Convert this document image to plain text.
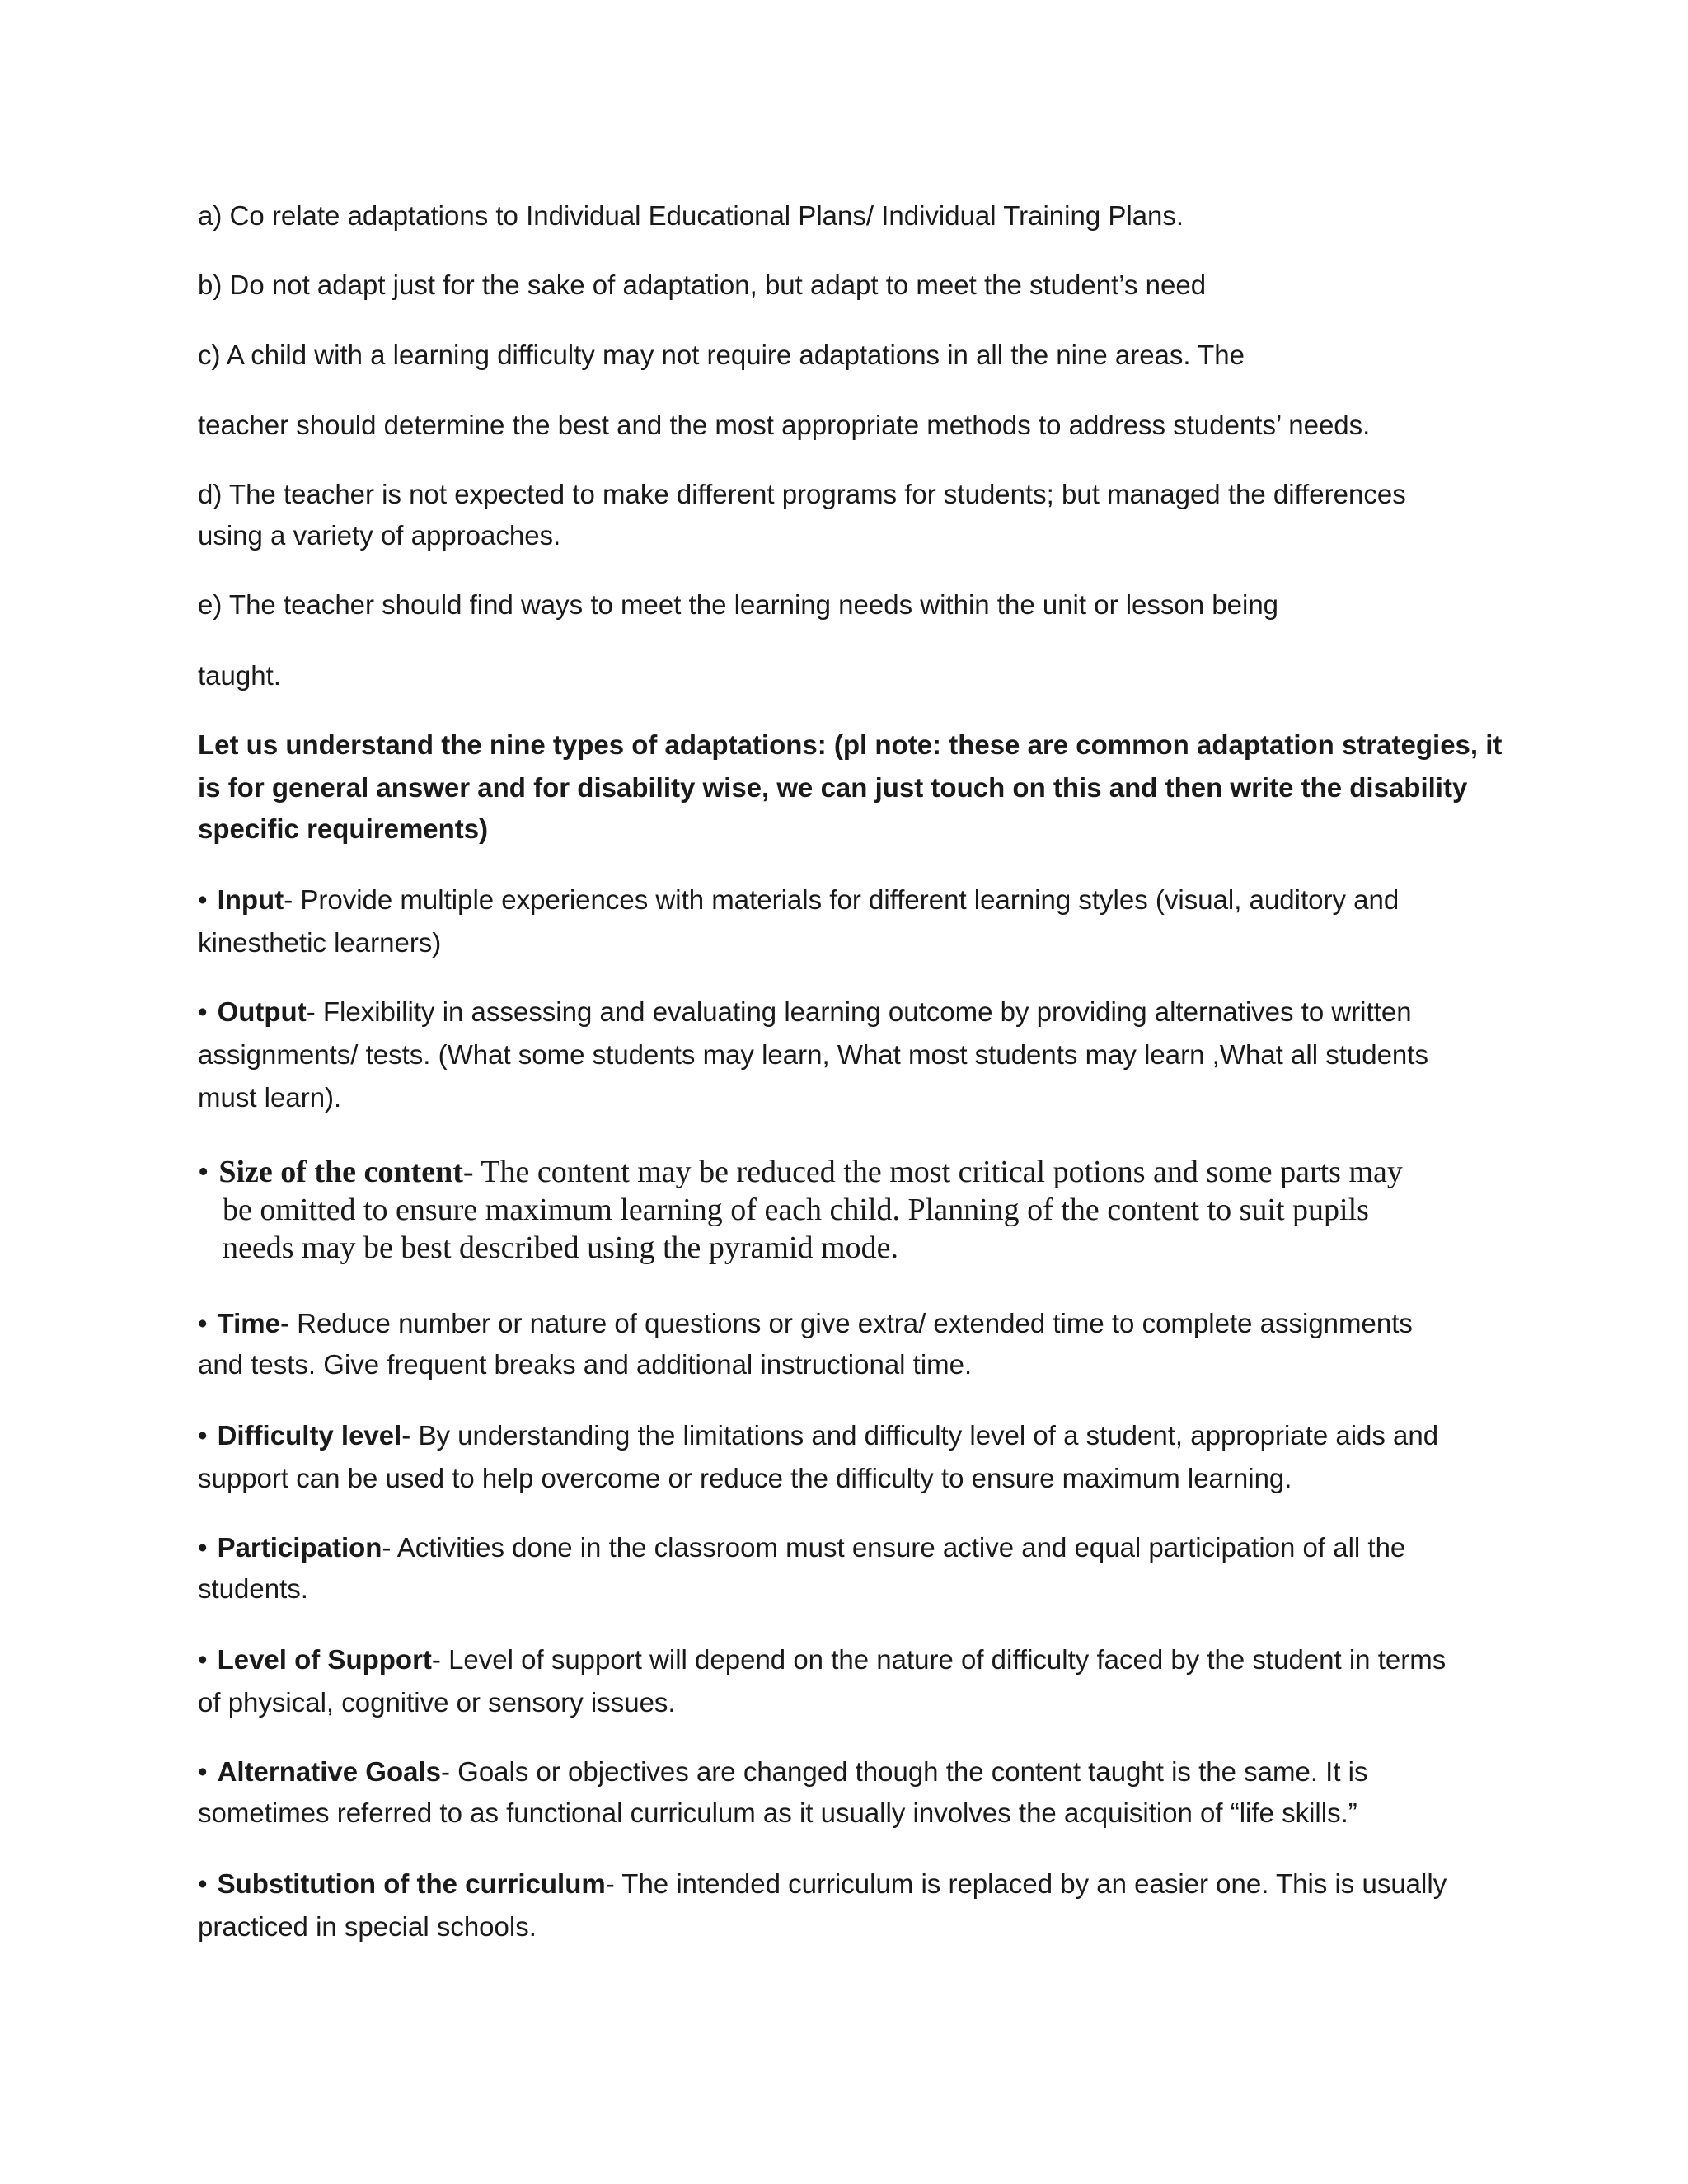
a) Co relate adaptations to Individual Educational Plans/ Individual Training Plans.
b) Do not adapt just for the sake of adaptation, but adapt to meet the student’s need
c) A child with a learning difficulty may not require adaptations in all the nine areas. The
teacher should determine the best and the most appropriate methods to address students’ needs.
d) The teacher is not expected to make different programs for students; but managed the differences
using a variety of approaches.
e) The teacher should find ways to meet the learning needs within the unit or lesson being
taught.
Let us understand the nine types of adaptations: (pl note: these are common adaptation strategies, it
is for general answer and for disability wise, we can just touch on this and then write the disability
specific requirements)
• Input- Provide multiple experiences with materials for different learning styles (visual, auditory and
kinesthetic learners)
• Output- Flexibility in assessing and evaluating learning outcome by providing alternatives to written
assignments/ tests. (What some students may learn, What most students may learn ,What all students
must learn).
• Size of the content- The content may be reduced the most critical potions and some parts may
be omitted to ensure maximum learning of each child. Planning of the content to suit pupils
needs may be best described using the pyramid mode.
• Time- Reduce number or nature of questions or give extra/ extended time to complete assignments
and tests. Give frequent breaks and additional instructional time.
• Difficulty level- By understanding the limitations and difficulty level of a student, appropriate aids and
support can be used to help overcome or reduce the difficulty to ensure maximum learning.
• Participation- Activities done in the classroom must ensure active and equal participation of all the
students.
• Level of Support- Level of support will depend on the nature of difficulty faced by the student in terms
of physical, cognitive or sensory issues.
• Alternative Goals- Goals or objectives are changed though the content taught is the same. It is
sometimes referred to as functional curriculum as it usually involves the acquisition of “life skills.”
• Substitution of the curriculum- The intended curriculum is replaced by an easier one. This is usually
practiced in special schools.
